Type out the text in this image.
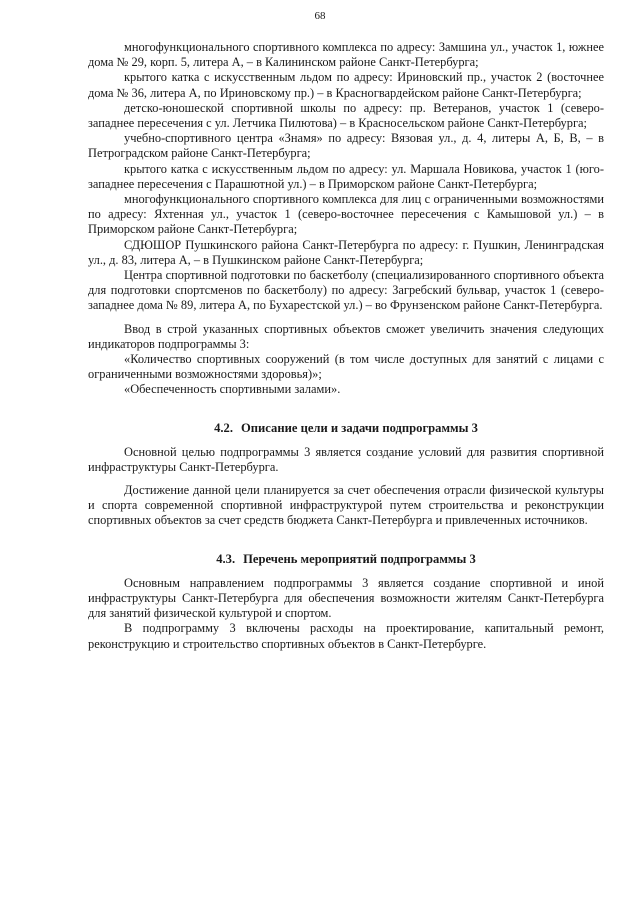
68

многофункционального спортивного комплекса по адресу: Замшина ул., участок 1, южнее дома № 29, корп. 5, литера А, – в Калининском районе Санкт-Петербурга;

крытого катка с искусственным льдом по адресу: Ириновский пр., участок 2 (восточнее дома № 36, литера А, по Ириновскому пр.) – в Красногвардейском районе Санкт-Петербурга;

детско-юношеской спортивной школы по адресу: пр. Ветеранов, участок 1 (северо-западнее пересечения с ул. Летчика Пилютова) – в Красносельском районе Санкт-Петербурга;

учебно-спортивного центра «Знамя» по адресу: Вязовая ул., д. 4, литеры А, Б, В, – в Петроградском районе Санкт-Петербурга;

крытого катка с искусственным льдом по адресу: ул. Маршала Новикова, участок 1 (юго-западнее пересечения с Парашютной ул.) – в Приморском районе Санкт-Петербурга;

многофункционального спортивного комплекса для лиц с ограниченными возможностями по адресу: Яхтенная ул., участок 1 (северо-восточнее пересечения с Камышовой ул.) – в Приморском районе Санкт-Петербурга;

СДЮШОР Пушкинского района Санкт-Петербурга по адресу: г. Пушкин, Ленинградская ул., д. 83, литера А, – в Пушкинском районе Санкт-Петербурга;

Центра спортивной подготовки по баскетболу (специализированного спортивного объекта для подготовки спортсменов по баскетболу) по адресу: Загребский бульвар, участок 1 (северо-западнее дома № 89, литера А, по Бухарестской ул.) – во Фрунзенском районе Санкт-Петербурга.

Ввод в строй указанных спортивных объектов сможет увеличить значения следующих индикаторов подпрограммы 3:

«Количество спортивных сооружений (в том числе доступных для занятий с лицами с ограниченными возможностями здоровья)»;

«Обеспеченность спортивными залами».

4.2. Описание цели и задачи подпрограммы 3

Основной целью подпрограммы 3 является создание условий для развития спортивной инфраструктуры Санкт-Петербурга.

Достижение данной цели планируется за счет обеспечения отрасли физической культуры и спорта современной спортивной инфраструктурой путем строительства и реконструкции спортивных объектов за счет средств бюджета Санкт-Петербурга и привлеченных источников.

4.3. Перечень мероприятий подпрограммы 3

Основным направлением подпрограммы 3 является создание спортивной и иной инфраструктуры Санкт-Петербурга для обеспечения возможности жителям Санкт-Петербурга для занятий физической культурой и спортом.

В подпрограмму 3 включены расходы на проектирование, капитальный ремонт, реконструкцию и строительство спортивных объектов в Санкт-Петербурге.
